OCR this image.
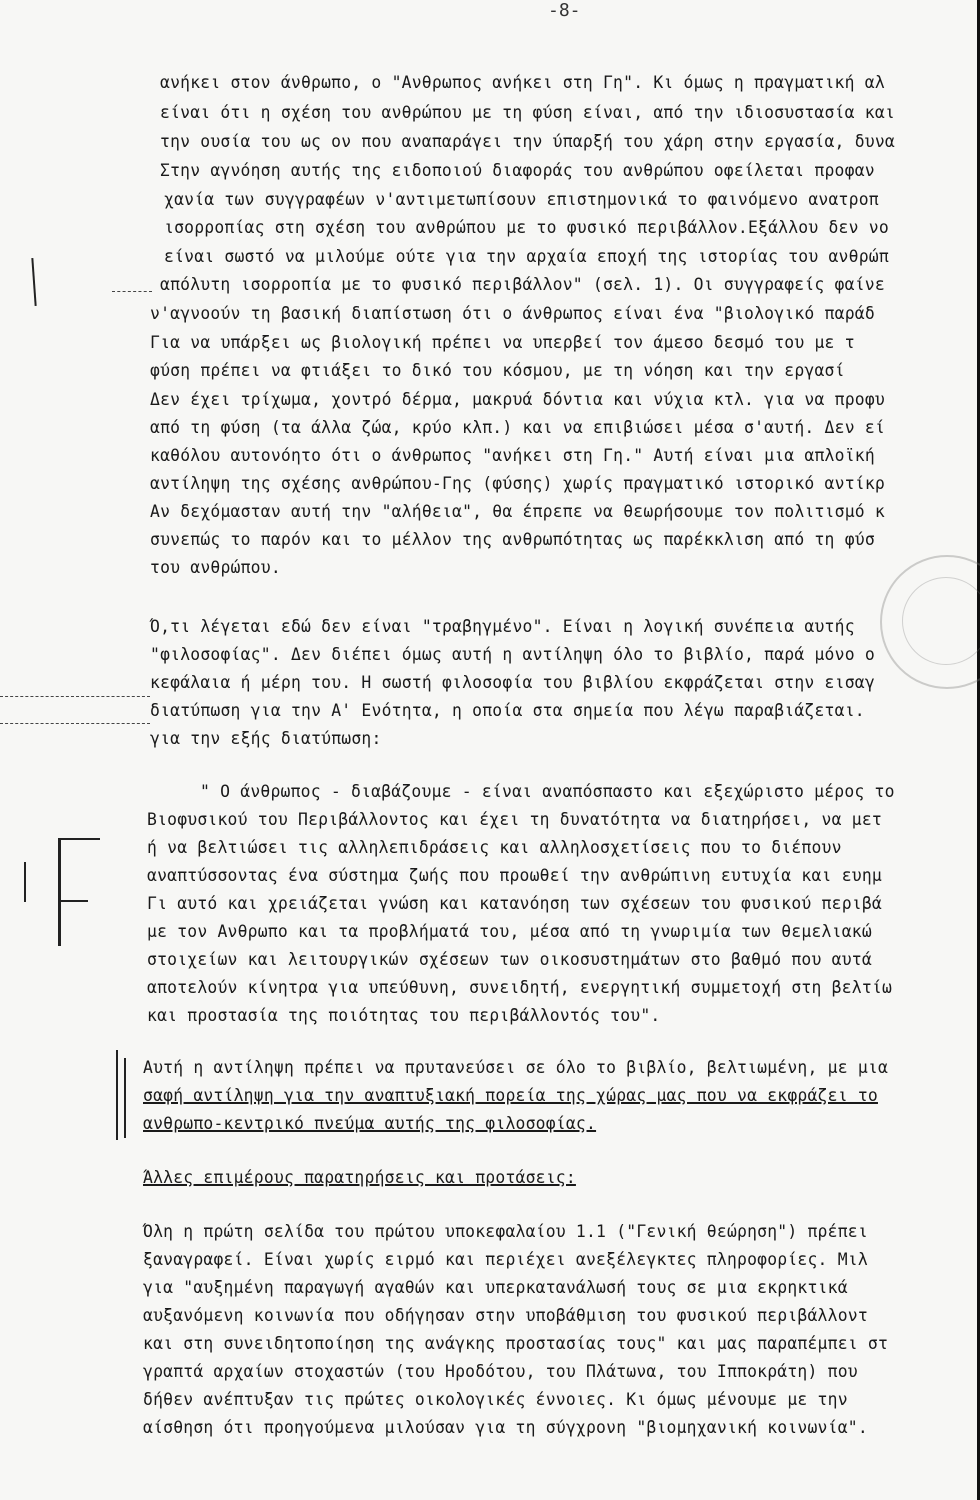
-8-
ανήκει στον άνθρωπο, ο "Ανθρωπος ανήκει στη Γη". Κι όμως η πραγματική αλ
είναι ότι η σχέση του ανθρώπου με τη φύση είναι, από την ιδιοσυστασία και
την ουσία του ως ον που αναπαράγει την ύπαρξή του χάρη στην εργασία, δυνα
Στην αγνόηση αυτής της ειδοποιού διαφοράς του ανθρώπου οφείλεται προφαν
χανία των συγγραφέων ν'αντιμετωπίσουν επιστημονικά το φαινόμενο ανατροπ
ισορροπίας στη σχέση του ανθρώπου με το φυσικό περιβάλλον.Εξάλλου δεν νο
είναι σωστό να μιλούμε ούτε για την αρχαία εποχή της ιστορίας του ανθρώπ
απόλυτη ισορροπία με το φυσικό περιβάλλον" (σελ. 1). Οι συγγραφείς φαίνε
ν'αγνοούν τη βασική διαπίστωση ότι ο άνθρωπος είναι ένα "βιολογικό παράδ
Για να υπάρξει ως βιολογική πρέπει να υπερβεί τον άμεσο δεσμό του με τ
φύση πρέπει να φτιάξει το δικό του κόσμου, με τη νόηση και την εργασί
Δεν έχει τρίχωμα, χοντρό δέρμα, μακρυά δόντια και νύχια κτλ. για να προφυ
από τη φύση (τα άλλα ζώα, κρύο κλπ.) και να επιβιώσει μέσα σ'αυτή. Δεν εί
καθόλου αυτονόητο ότι ο άνθρωπος "ανήκει στη Γη." Αυτή είναι μια απλοϊκή
αντίληψη της σχέσης ανθρώπου-Γης (φύσης) χωρίς πραγματικό ιστορικό αντίκρ
Αν δεχόμασταν αυτή την "αλήθεια", θα έπρεπε να θεωρήσουμε τον πολιτισμό κ
συνεπώς το παρόν και το μέλλον της ανθρωπότητας ως παρέκκλιση από τη φύσ
του ανθρώπου.
Ό,τι λέγεται εδώ δεν είναι "τραβηγμένο". Είναι η λογική συνέπεια αυτής
"φιλοσοφίας". Δεν διέπει όμως αυτή η αντίληψη όλο το βιβλίο, παρά μόνο ο
κεφάλαια ή μέρη του. Η σωστή φιλοσοφία του βιβλίου εκφράζεται στην εισαγ
διατύπωση για την Α' Ενότητα, η οποία στα σημεία που λέγω παραβιάζεται.
για την εξής διατύπωση:
" Ο άνθρωπος - διαβάζουμε - είναι αναπόσπαστο και εξεχώριστο μέρος το
Βιοφυσικού του Περιβάλλοντος και έχει τη δυνατότητα να διατηρήσει, να μετ
ή να βελτιώσει τις αλληλεπιδράσεις και αλληλοσχετίσεις που το διέπουν
αναπτύσσοντας ένα σύστημα ζωής που προωθεί την ανθρώπινη ευτυχία και ευημ
Γι αυτό και χρειάζεται γνώση και κατανόηση των σχέσεων του φυσικού περιβά
με τον Ανθρωπο και τα προβλήματά του, μέσα από τη γνωριμία των θεμελιακώ
στοιχείων και λειτουργικών σχέσεων των οικοσυστημάτων στο βαθμό που αυτά
αποτελούν κίνητρα για υπεύθυνη, συνειδητή, ενεργητική συμμετοχή στη βελτίω
και προστασία της ποιότητας του περιβάλλοντός του".
Αυτή η αντίληψη πρέπει να πρυτανεύσει σε όλο το βιβλίο, βελτιωμένη, με μια
σαφή αντίληψη για την αναπτυξιακή πορεία της χώρας μας που να εκφράζει το
ανθρωπο-κεντρικό πνεύμα αυτής της φιλοσοφίας.
Άλλες επιμέρους παρατηρήσεις και προτάσεις:
Όλη η πρώτη σελίδα του πρώτου υποκεφαλαίου 1.1 ("Γενική θεώρηση") πρέπει
ξαναγραφεί. Είναι χωρίς ειρμό και περιέχει ανεξέλεγκτες πληροφορίες. Μιλ
για "αυξημένη παραγωγή αγαθών και υπερκατανάλωσή τους σε μια εκρηκτικά
αυξανόμενη κοινωνία που οδήγησαν στην υποβάθμιση του φυσικού περιβάλλοντ
και στη συνειδητοποίηση της ανάγκης προστασίας τους" και μας παραπέμπει στ
γραπτά αρχαίων στοχαστών (του Ηροδότου, του Πλάτωνα, του Ιπποκράτη) που
δήθεν ανέπτυξαν τις πρώτες οικολογικές έννοιες. Κι όμως μένουμε με την
αίσθηση ότι προηγούμενα μιλούσαν για τη σύγχρονη "βιομηχανική κοινωνία".
